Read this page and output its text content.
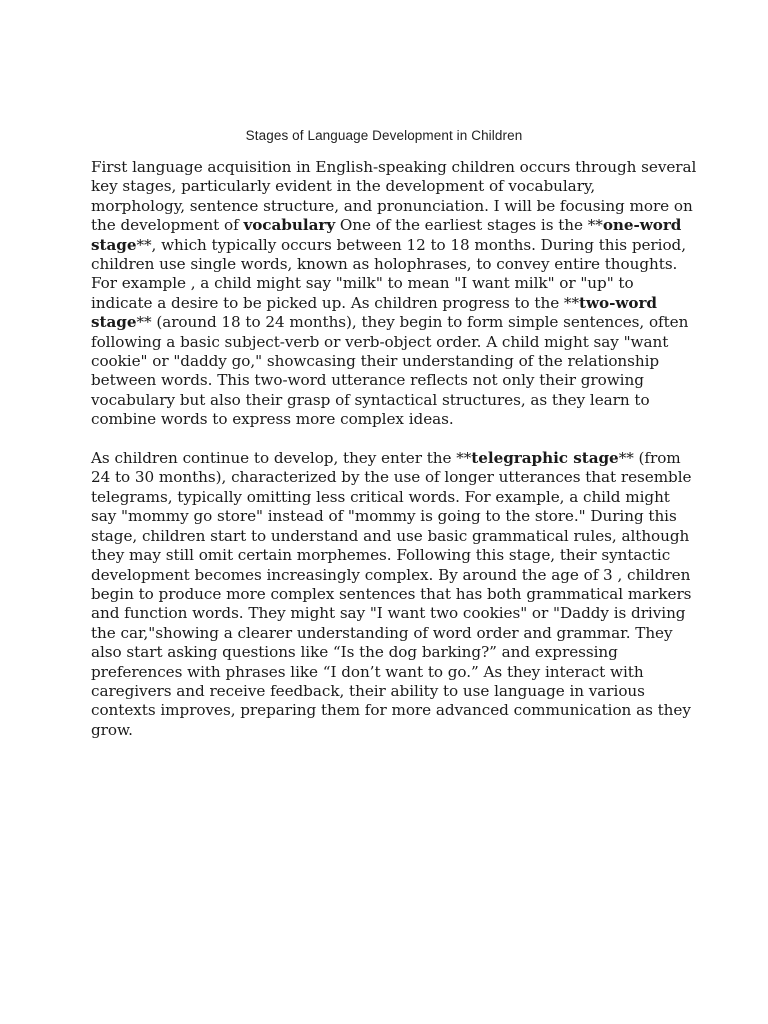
Stages of Language Development in Children

First language acquisition in English-speaking children occurs through several
key stages, particularly evident in the development of vocabulary,
morphology, sentence structure, and pronunciation. I will be focusing more on
the development of vocabulary One of the earliest stages is the **one-word
stage**, which typically occurs between 12 to 18 months. During this period,
children use single words, known as holophrases, to convey entire thoughts.
For example , a child might say "milk" to mean "I want milk" or "up" to
indicate a desire to be picked up. As children progress to the **two-word
stage** (around 18 to 24 months), they begin to form simple sentences, often
following a basic subject-verb or verb-object order. A child might say "want
cookie" or "daddy go," showcasing their understanding of the relationship
between words. This two-word utterance reflects not only their growing
vocabulary but also their grasp of syntactical structures, as they learn to
combine words to express more complex ideas.

As children continue to develop, they enter the **telegraphic stage** (from
24 to 30 months), characterized by the use of longer utterances that resemble
telegrams, typically omitting less critical words. For example, a child might
say "mommy go store" instead of "mommy is going to the store." During this
stage, children start to understand and use basic grammatical rules, although
they may still omit certain morphemes. Following this stage, their syntactic
development becomes increasingly complex. By around the age of 3 , children
begin to produce more complex sentences that has both grammatical markers
and function words. They might say "I want two cookies" or "Daddy is driving
the car,"showing a clearer understanding of word order and grammar. They
also start asking questions like “Is the dog barking?” and expressing
preferences with phrases like “I don’t want to go.” As they interact with
caregivers and receive feedback, their ability to use language in various
contexts improves, preparing them for more advanced communication as they
grow.
